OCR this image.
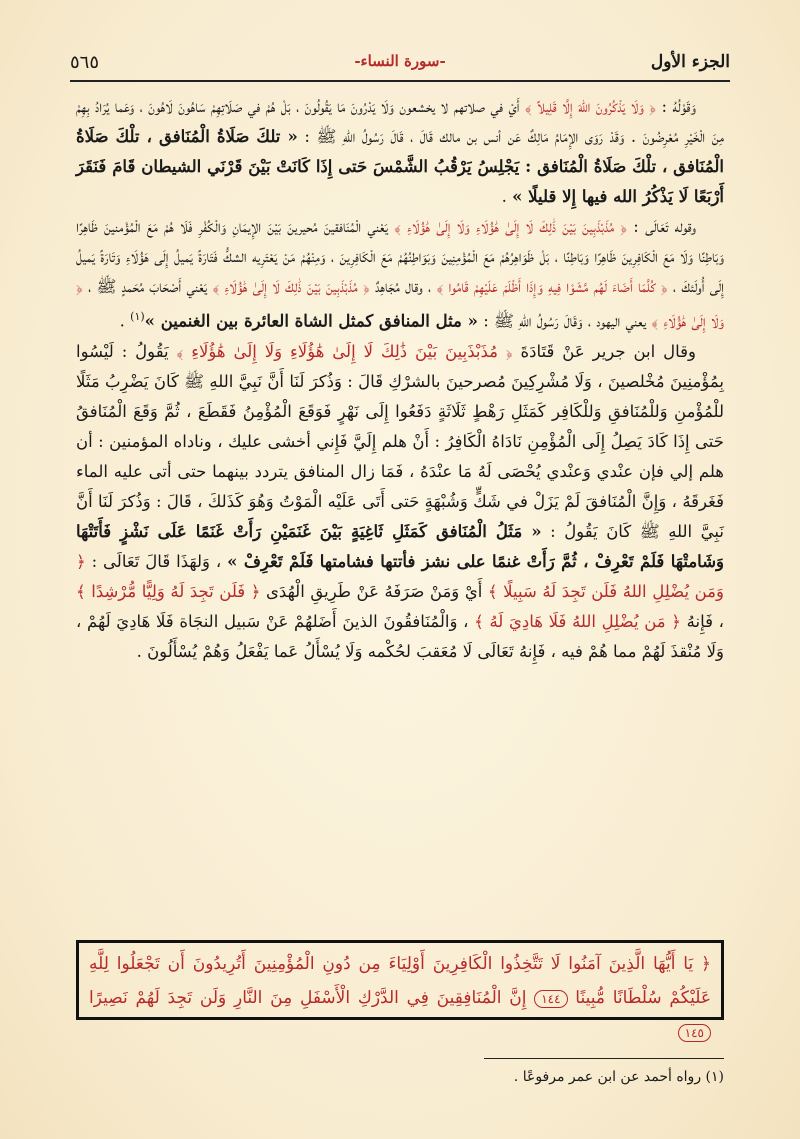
الجزء الأول
-سورة النساء-
٥٦٥

وَقَوْلُهُ : ﴿ وَلَا يَذْكُرُونَ اللهَ إِلَّا قَلِيلاً ﴾ أَيْ في صلاتهم لا يخشعون وَلَا يَدْرُونَ مَا يَقُولُونَ ، بَلْ هُمْ في صَلَاتِهِمْ سَاهُونَ لَاهُونَ ، وَعَما يُرَادُ بِهِمْ مِنَ الْخَيْرِ مُعْرِضُونَ . وَقَدْ رَوَى الإِمَامُ مَالِكٌ عَن أنس بن مالك قَالَ ، قَالَ رَسُولُ اللهِ ﷺ : « تلكَ صَلَاةُ الْمُنَافق ، تلْكَ صَلَاةُ الْمُنَافق ، تلْكَ صَلَاةُ الْمُنَافق : يَجْلِسُ يَرْقُبُ الشَّمْسَ حَتى إِذَا كَانَتْ بَيْنَ قَرْنَي الشيطان قَامَ فَنَقَرَ أَرْبَعًا لَا يَذْكُرُ الله فيها إِلا قليلًا » .

وقوله تَعَالَى : ﴿ مُذَبْذَبِينَ بَيْنَ ذَٰلِكَ لَا إِلَىٰ هَٰؤُلَاءِ وَلَا إِلَىٰ هَٰؤُلَاءِ ﴾ يَعْني الْمُنَافقينَ مُحيرينَ بَيْنَ الإِيمَانِ وَالْكُفْرِ فَلَا هُمْ مَعَ الْمُؤْمنينَ ظَاهِرًا وَبَاطِنًا وَلَا مَعَ الْكَافِرِينَ ظَاهِرًا وَبَاطِنًا ، بَلْ ظَوَاهِرُهُمْ مَعَ الْمُؤْمِنِينَ وَبَوَاطِنُهُمْ مَعَ الْكَافِرِينَ ، وَمِنْهُمْ مَنْ يَعْتَرِيه الشكُّ فَتَارَةً يَميلُ إِلَى هَؤُلَاءِ وَتَارَةً يَميلُ إِلَى أُولَئكَ ، ﴿ كُلَّمَا أَضَاءَ لَهُم مَّشَوْا فِيهِ وَإِذَا أَظْلَمَ عَلَيْهِمْ قَامُوا ﴾ ، وقال مُجَاهِدٌ ﴿ مُذَبْذَبِينَ بَيْنَ ذَٰلِكَ لَا إِلَىٰ هَٰؤُلَاءِ ﴾ يَعْني أَصْحَابَ مُحَمدٍ ﷺ ، ﴿ وَلَا إِلَىٰ هَٰؤُلَاءِ ﴾ يعني اليهود ، وَقَالَ رَسُولُ اللهِ ﷺ : « مثل المنافق كمثل الشاة العائرة بين الغنمين »$^{(١)}$ .

وقال ابن جرير عَنْ قَتَادَةَ ﴿ مُذَبْذَبِينَ بَيْنَ ذَٰلِكَ لَا إِلَىٰ هَٰؤُلَاءِ وَلَا إِلَىٰ هَٰؤُلَاءِ ﴾ يَقُولُ : لَيْسُوا بِمُؤْمنِينَ مُخْلصينَ ، وَلَا مُشْرِكِينَ مُصرحينَ بالشرْكِ قَالَ : وَذُكرَ لَنَا أَنَّ نَبِيَّ اللهِ ﷺ كَانَ يَضْرِبُ مَثَلًا للْمُؤْمنِ وَللْمُنَافقِ وَللْكَافِر كَمَثَلِ رَهْطٍ ثَلَاثَةٍ دَفَعُوا إِلَى نَهْرٍ فَوَقَعَ الْمُؤْمِنُ فَقَطَعَ ، ثُمَّ وَقَعَ الْمُنَافقُ حَتى إِذَا كَادَ يَصِلُ إِلَى الْمُؤْمِنِ نَادَاهُ الْكَافِرُ : أَنْ هلم إِلَيَّ فَإِني أخشى عليك ، وناداه المؤمنين : أن هلم إلي فإن عنْدي وَعنْدي يُحْصَى لَهُ مَا عنْدَهُ ، فَمَا زال المنافق يتردد بينهما حتى أتى عليه الماء فَغَرقَهُ ، وَإِنَّ الْمُنَافقَ لَمْ يَزَلْ في شَكٍّ وَشُبْهَةٍ حَتى أَتَى عَلَيْه الْمَوْتُ وَهُوَ كَذَلكَ ، قَالَ : وَذُكرَ لَنَا أَنَّ نَبِيَّ اللهِ ﷺ كَانَ يَقُولُ : « مَثَلُ الْمُنَافق كَمَثَلِ ثَاغِيَةٍ بَيْنَ غَنَمَيْنِ رَأَتْ غَنَمًا عَلَى نَشْزٍ فَأَتَتْهَا وَشَامتْهَا فَلَمْ تَعْرِفْ ، ثُمَّ رَأَتْ غنمًا على نشز فأتتها فشامتها فَلَمْ تَعْرِفْ » ، وَلهَذَا قَالَ تَعَالَى : ﴿ وَمَن يُضْلِلِ اللهُ فَلَن تَجِدَ لَهُ سَبِيلًا ﴾ أَيْ وَمَنْ صَرَفَهُ عَنْ طَرِيقِ الْهُدَى ﴿ فَلَن تَجِدَ لَهُ وَلِيًّا مُّرْشِدًا ﴾ ، فَإِنهُ ﴿ مَن يُضْلِلِ اللهُ فَلَا هَادِيَ لَهُ ﴾ ، وَالْمُنَافقُونَ الذينَ أَضَلهُمْ عَنْ سَبيل النجَاة فَلَا هَادِيَ لَهُمْ ، وَلَا مُنْقذَ لَهُمْ مما هُمْ فيه ، فَإِنهُ تَعَالَى لَا مُعَقبَ لحُكْمه وَلَا يُسْأَلُ عَما يَفْعَلُ وَهُمْ يُسْأَلُونَ .

﴿ يَا أَيُّهَا الَّذِينَ آمَنُوا لَا تَتَّخِذُوا الْكَافِرِينَ أَوْلِيَاءَ مِن دُونِ الْمُؤْمِنِينَ أَتُرِيدُونَ أَن تَجْعَلُوا لِلَّهِ عَلَيْكُمْ سُلْطَانًا مُّبِينًا ١٤٤ إِنَّ الْمُنَافِقِينَ فِي الدَّرْكِ الْأَسْفَلِ مِنَ النَّارِ وَلَن تَجِدَ لَهُمْ نَصِيرًا ١٤٥
(١) رواه أحمد عن ابن عمر مرفوعًا .
